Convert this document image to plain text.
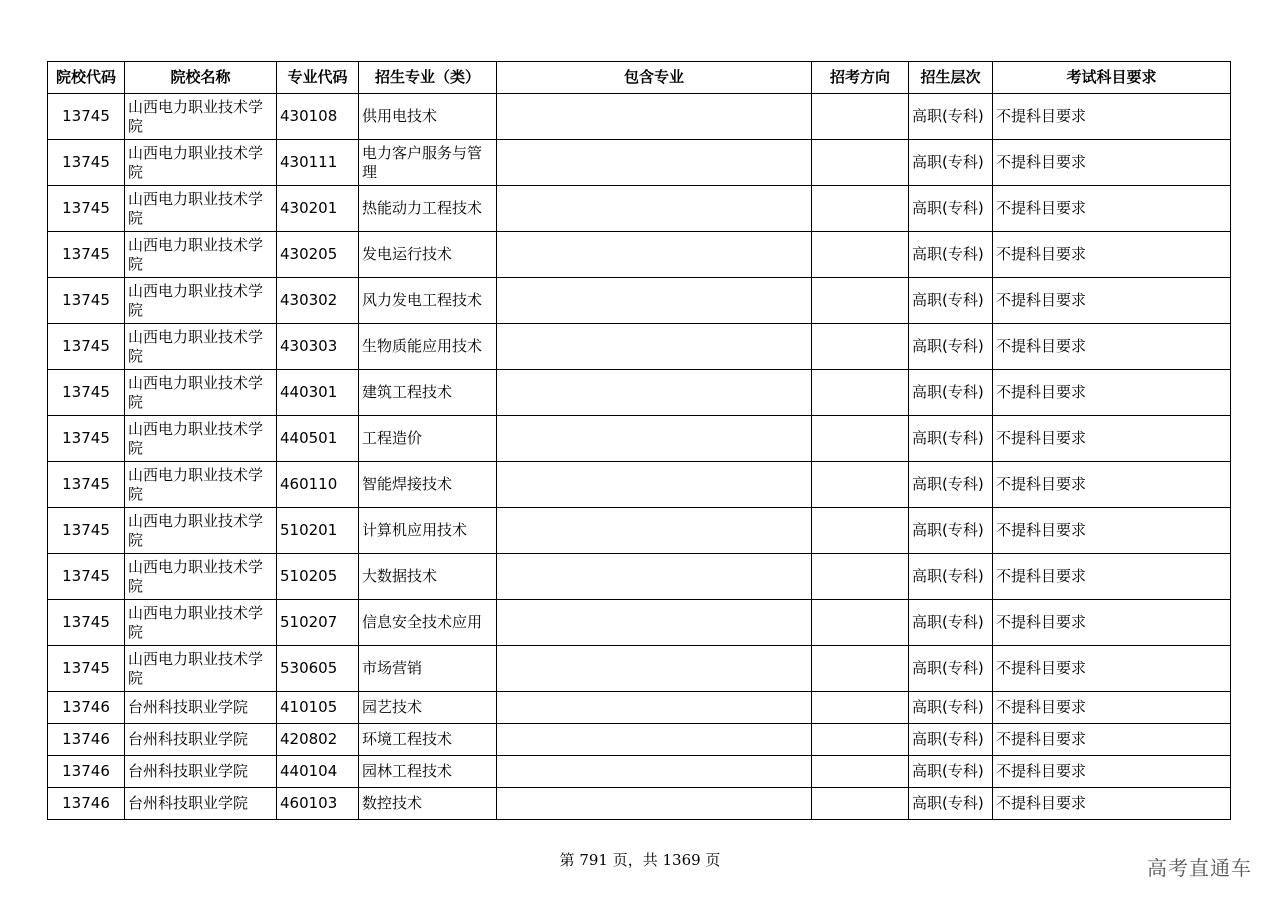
院校代码	院校名称	专业代码	招生专业（类）	包含专业	招考方向	招生层次	考试科目要求
13745	山西电力职业技术学院	430108	供用电技术			高职(专科)	不提科目要求
13745	山西电力职业技术学院	430111	电力客户服务与管理			高职(专科)	不提科目要求
13745	山西电力职业技术学院	430201	热能动力工程技术			高职(专科)	不提科目要求
13745	山西电力职业技术学院	430205	发电运行技术			高职(专科)	不提科目要求
13745	山西电力职业技术学院	430302	风力发电工程技术			高职(专科)	不提科目要求
13745	山西电力职业技术学院	430303	生物质能应用技术			高职(专科)	不提科目要求
13745	山西电力职业技术学院	440301	建筑工程技术			高职(专科)	不提科目要求
13745	山西电力职业技术学院	440501	工程造价			高职(专科)	不提科目要求
13745	山西电力职业技术学院	460110	智能焊接技术			高职(专科)	不提科目要求
13745	山西电力职业技术学院	510201	计算机应用技术			高职(专科)	不提科目要求
13745	山西电力职业技术学院	510205	大数据技术			高职(专科)	不提科目要求
13745	山西电力职业技术学院	510207	信息安全技术应用			高职(专科)	不提科目要求
13745	山西电力职业技术学院	530605	市场营销			高职(专科)	不提科目要求
13746	台州科技职业学院	410105	园艺技术			高职(专科)	不提科目要求
13746	台州科技职业学院	420802	环境工程技术			高职(专科)	不提科目要求
13746	台州科技职业学院	440104	园林工程技术			高职(专科)	不提科目要求
13746	台州科技职业学院	460103	数控技术			高职(专科)	不提科目要求
第 791 页，共 1369 页	高考直通车
